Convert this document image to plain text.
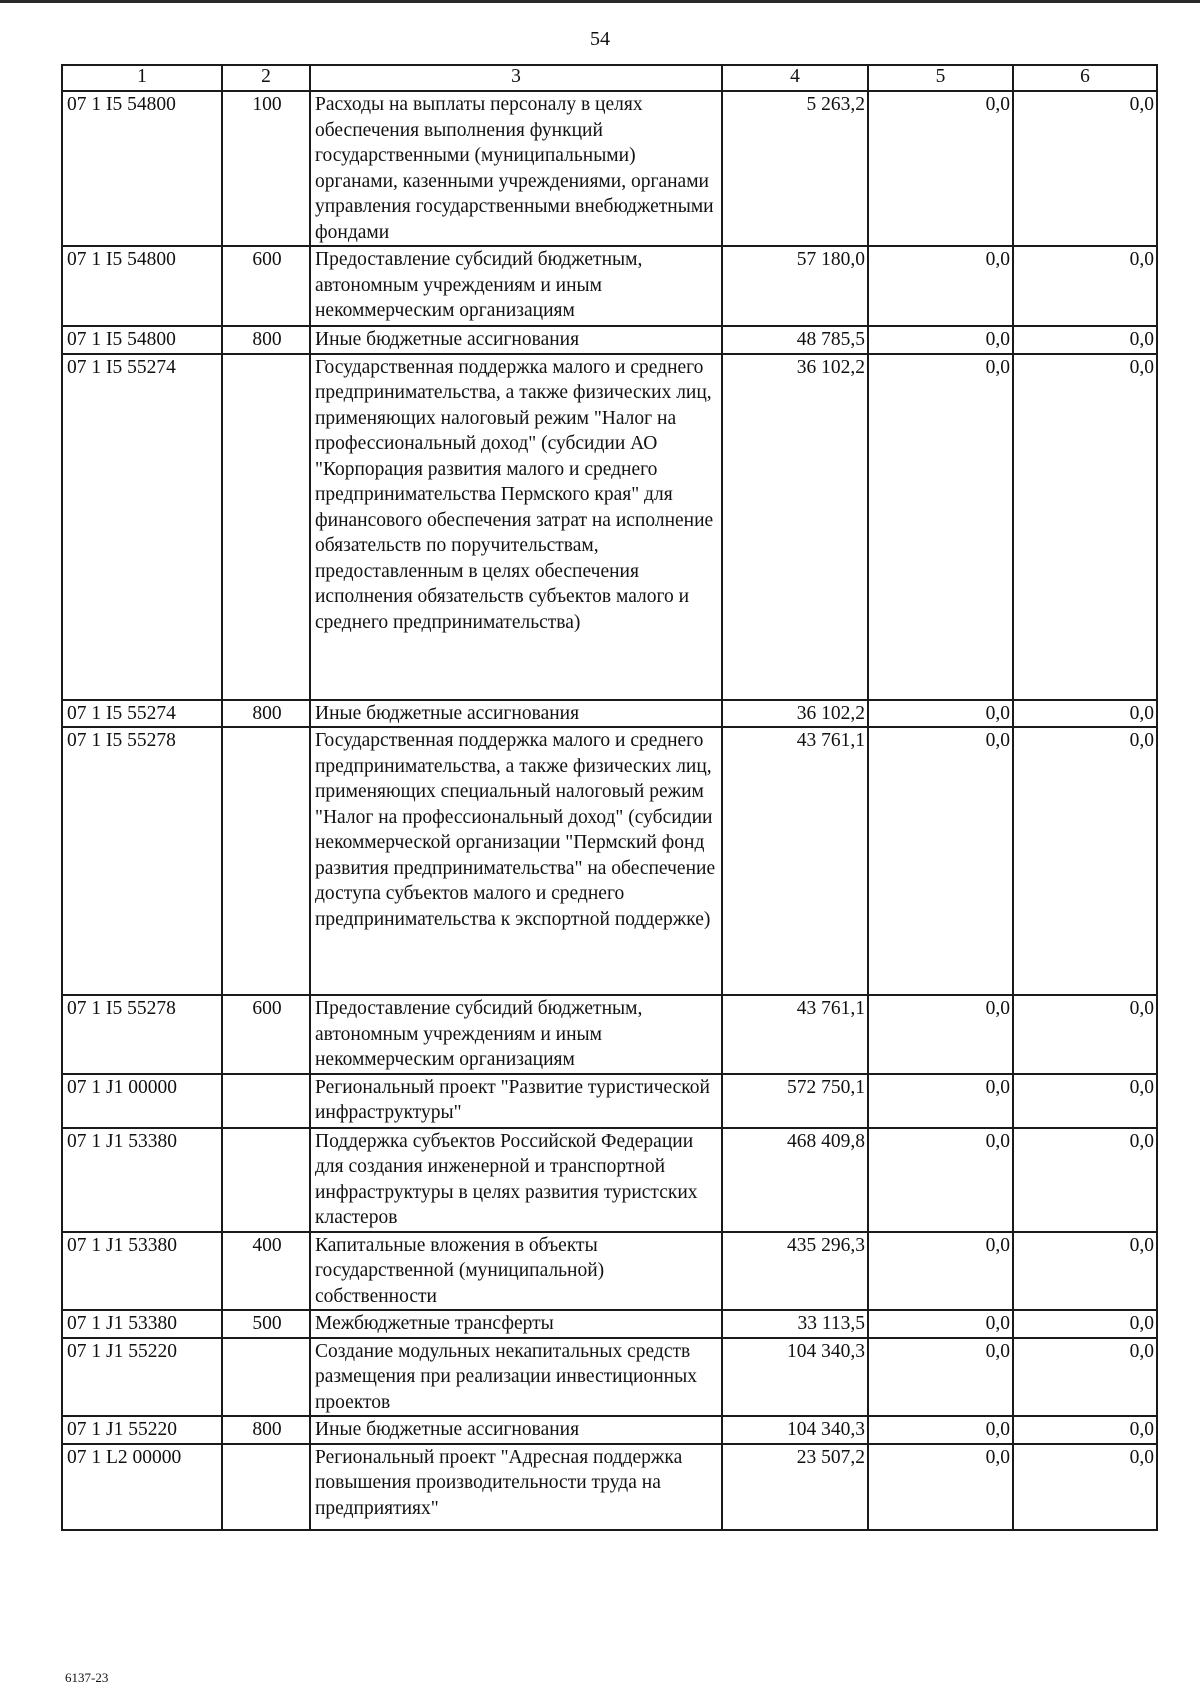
54
1	2	3	4	5	6
07 1 I5 54800	100	Расходы на выплаты персоналу в целях обеспечения выполнения функций государственными (муниципальными) органами, казенными учреждениями, органами управления государственными внебюджетными фондами	5 263,2	0,0	0,0
07 1 I5 54800	600	Предоставление субсидий бюджетным, автономным учреждениям и иным некоммерческим организациям	57 180,0	0,0	0,0
07 1 I5 54800	800	Иные бюджетные ассигнования	48 785,5	0,0	0,0
07 1 I5 55274		Государственная поддержка малого и среднего предпринимательства, а также физических лиц, применяющих налоговый режим "Налог на профессиональный доход" (субсидии АО "Корпорация развития малого и среднего предпринимательства Пермского края" для финансового обеспечения затрат на исполнение обязательств по поручительствам, предоставленным в целях обеспечения исполнения обязательств субъектов малого и среднего предпринимательства)	36 102,2	0,0	0,0
07 1 I5 55274	800	Иные бюджетные ассигнования	36 102,2	0,0	0,0
07 1 I5 55278		Государственная поддержка малого и среднего предпринимательства, а также физических лиц, применяющих специальный налоговый режим "Налог на профессиональный доход" (субсидии некоммерческой организации "Пермский фонд развития предпринимательства" на обеспечение доступа субъектов малого и среднего предпринимательства к экспортной поддержке)	43 761,1	0,0	0,0
07 1 I5 55278	600	Предоставление субсидий бюджетным, автономным учреждениям и иным некоммерческим организациям	43 761,1	0,0	0,0
07 1 J1 00000		Региональный проект "Развитие туристической инфраструктуры"	572 750,1	0,0	0,0
07 1 J1 53380		Поддержка субъектов Российской Федерации для создания инженерной и транспортной инфраструктуры в целях развития туристских кластеров	468 409,8	0,0	0,0
07 1 J1 53380	400	Капитальные вложения в объекты государственной (муниципальной) собственности	435 296,3	0,0	0,0
07 1 J1 53380	500	Межбюджетные трансферты	33 113,5	0,0	0,0
07 1 J1 55220		Создание модульных некапитальных средств размещения при реализации инвестиционных проектов	104 340,3	0,0	0,0
07 1 J1 55220	800	Иные бюджетные ассигнования	104 340,3	0,0	0,0
07 1 L2 00000		Региональный проект "Адресная поддержка повышения производительности труда на предприятиях"	23 507,2	0,0	0,0
6137-23
